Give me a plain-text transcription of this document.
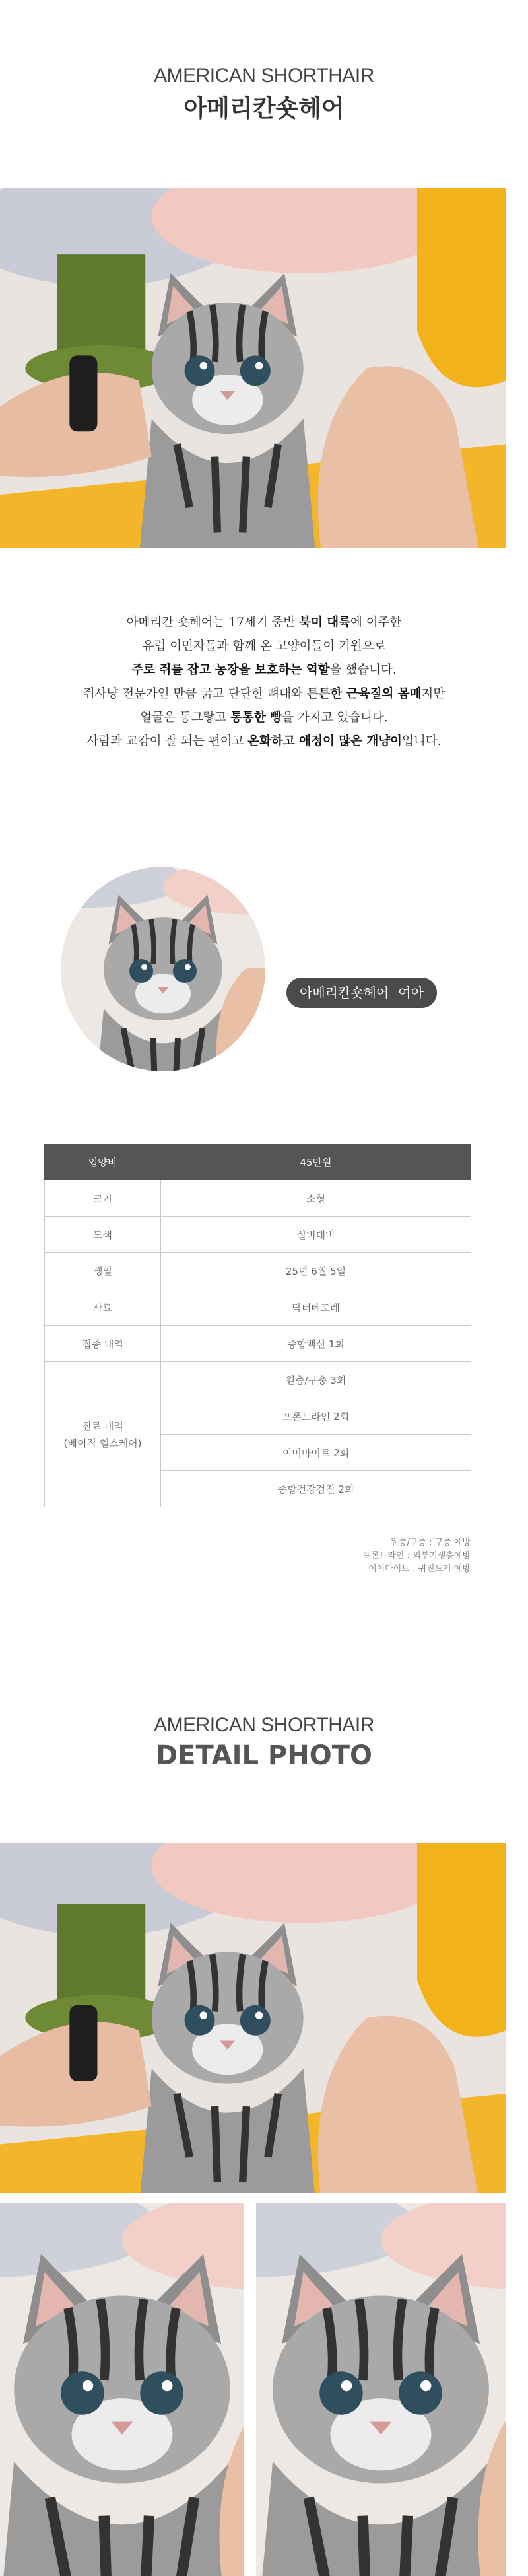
AMERICAN SHORTHAIR
아메리칸숏헤어

아메리칸 숏헤어는 17세기 중반 북미 대륙에 이주한

유럽 이민자들과 함께 온 고양이들이 기원으로

주로 쥐를 잡고 농장을 보호하는 역할을 했습니다.

쥐사냥 전문가인 만큼 굵고 단단한 뼈대와 튼튼한 근육질의 몸매지만

얼굴은 동그랗고 통통한 빵을 가지고 있습니다.

사람과 교감이 잘 되는 편이고 온화하고 애정이 많은 개냥이입니다.

아메리칸숏헤어 여아
입양비	45만원
크기	소형
모색	실버태비
생일	25년 6월 5일
사료	닥터베토레
접종 내역	종합백신 1회

진료 내역
(베이직 헬스케어)	원충/구충 3회
	프론트라인 2회
	이어마이트 2회
	종합건강검진 2회
원충/구충 : 구충 예방
프론트라인 : 외부기생충예방
이어마이트 : 귀진드기 예방
AMERICAN SHORTHAIR
DETAIL PHOTO
